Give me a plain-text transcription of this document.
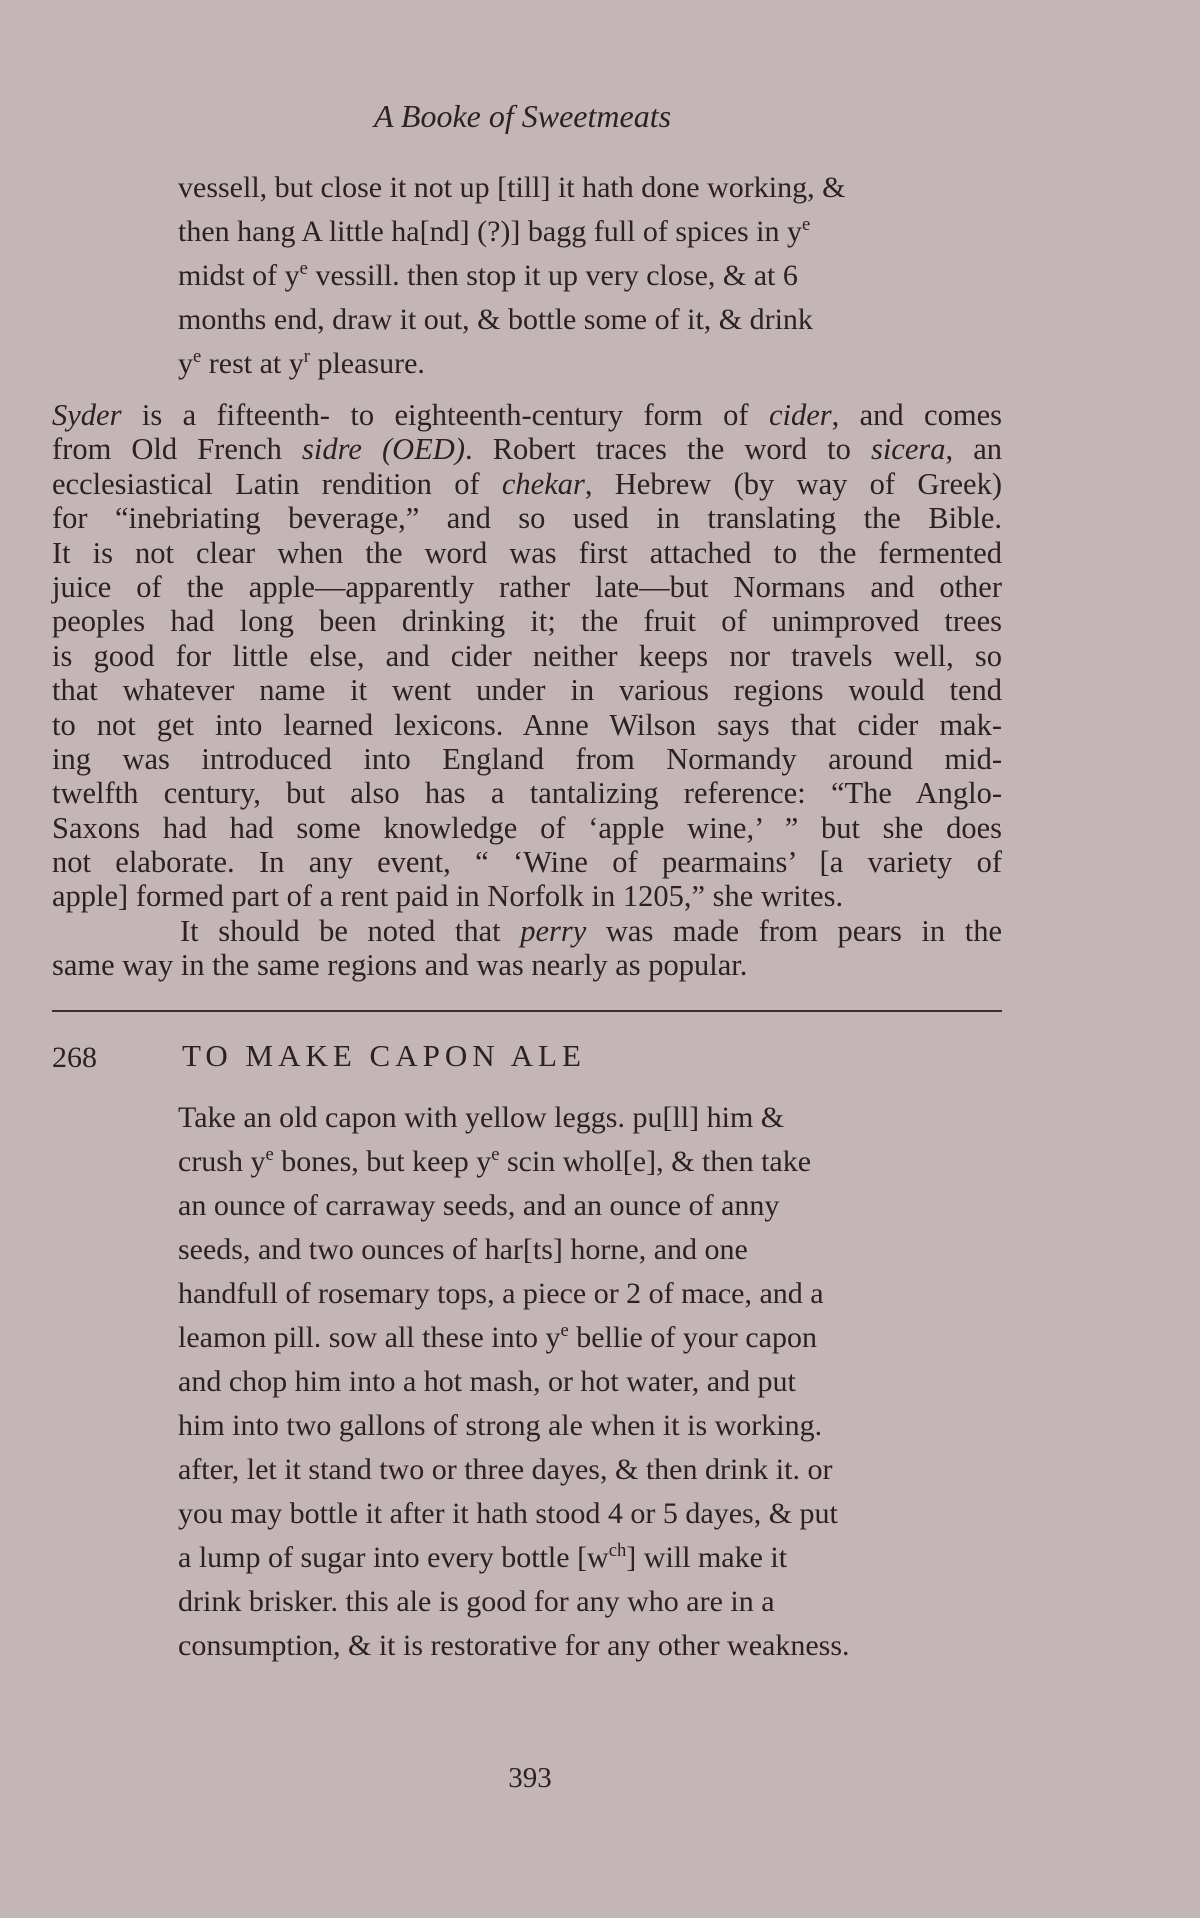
A Booke of Sweetmeats
vessell, but close it not up [till] it hath done working, &
then hang A little ha[nd] (?)] bagg full of spices in $y^e$
midst of $y^e$ vessill. then stop it up very close, & at 6
months end, draw it out, & bottle some of it, & drink
$y^e$ rest at $y^r$ pleasure.
Syder is a fifteenth- to eighteenth-century form of cider, and comes
from Old French sidre (OED). Robert traces the word to sicera, an
ecclesiastical Latin rendition of chekar, Hebrew (by way of Greek)
for “inebriating beverage,” and so used in translating the Bible.
It is not clear when the word was first attached to the fermented
juice of the apple—apparently rather late—but Normans and other
peoples had long been drinking it; the fruit of unimproved trees
is good for little else, and cider neither keeps nor travels well, so
that whatever name it went under in various regions would tend
to not get into learned lexicons. Anne Wilson says that cider mak-
ing was introduced into England from Normandy around mid-
twelfth century, but also has a tantalizing reference: “The Anglo-
Saxons had had some knowledge of ‘apple wine,’ ” but she does
not elaborate. In any event, “ ‘Wine of pearmains’ [a variety of
apple] formed part of a rent paid in Norfolk in 1205,” she writes.
It should be noted that perry was made from pears in the
same way in the same regions and was nearly as popular.
268	TO MAKE CAPON ALE
Take an old capon with yellow leggs. pu[ll] him &
crush $y^e$ bones, but keep $y^e$ scin whol[e], & then take
an ounce of carraway seeds, and an ounce of anny
seeds, and two ounces of har[ts] horne, and one
handfull of rosemary tops, a piece or 2 of mace, and a
leamon pill. sow all these into $y^e$ bellie of your capon
and chop him into a hot mash, or hot water, and put
him into two gallons of strong ale when it is working.
after, let it stand two or three dayes, & then drink it. or
you may bottle it after it hath stood 4 or 5 dayes, & put
a lump of sugar into every bottle $[w^{ch}]$ will make it
drink brisker. this ale is good for any who are in a
consumption, & it is restorative for any other weakness.
393
